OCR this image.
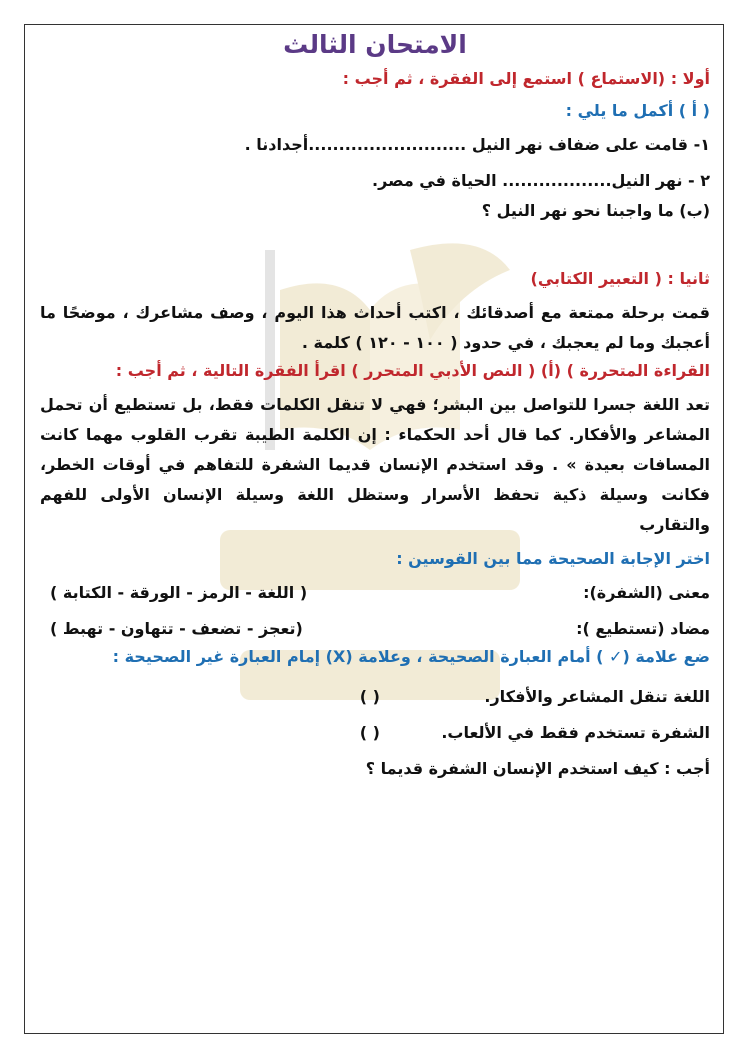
الامتحان الثالث
أولا : (الاستماع ) استمع إلى الفقرة ، ثم أجب :
( أ ) أكمل ما يلي :
١- قامت على ضفاف نهر النيل ..........................أجدادنا .
٢ - نهر النيل.................. الحياة في مصر.
(ب) ما واجبنا نحو نهر النيل ؟
ثانيا : ( التعبير الكتابي)
قمت برحلة ممتعة مع أصدقائك ، اكتب أحداث هذا اليوم ، وصف مشاعرك ، موضحًا ما أعجبك وما لم يعجبك ، في حدود ( ١٠٠ - ١٢٠ ) كلمة .
القراءة المتحررة ) (أ) ( النص الأدبي المتحرر ) اقرأ الفقرة التالية ، ثم أجب :
تعد اللغة جسرا للتواصل بين البشر؛ فهي لا تنقل الكلمات فقط، بل تستطيع أن تحمل المشاعر والأفكار. كما قال أحد الحكماء : إن الكلمة الطيبة تقرب القلوب مهما كانت المسافات بعيدة » . وقد استخدم الإنسان قديما الشفرة للتفاهم في أوقات الخطر، فكانت وسيلة ذكية تحفظ الأسرار وستظل اللغة وسيلة الإنسان الأولى للفهم والتقارب
اختر الإجابة الصحيحة مما بين القوسين :
معنى (الشفرة):
( اللغة - الرمز - الورقة - الكتابة )
مضاد (تستطيع ):
(تعجز - تضعف - تتهاون - تهبط )
ضع علامة (✓ ) أمام العبارة الصحيحة ، وعلامة (X) إمام العبارة غير الصحيحة :
اللغة تنقل المشاعر والأفكار.
( )
الشفرة تستخدم فقط في الألعاب.
( )
أجب : كيف استخدم الإنسان الشفرة قديما ؟
